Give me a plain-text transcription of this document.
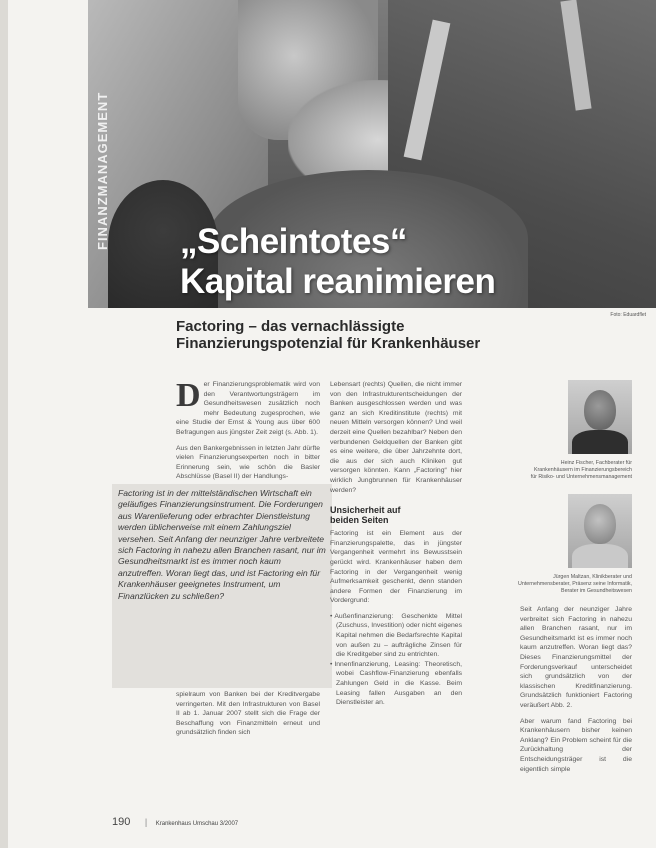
„Scheintotes“
Kapital reanimieren
FINANZMANAGEMENT
Foto: Eduardflet
Factoring – das vernachlässigte
Finanzierungspotenzial für Krankenhäuser

Der Finanzierungsproblematik wird von den Verantwortungsträgern im Gesundheitswesen zusätzlich noch mehr Bedeutung zugesprochen, wie eine Studie der Ernst & Young aus über 600 Befragungen aus jüngster Zeit zeigt (s. Abb. 1).

Aus den Bankergebnissen in letzten Jahr dürfte vielen Finanzierungsexperten noch in bitter Erinnerung sein, wie schön die Basler Abschlüsse (Basel II) der Handlungs-

Factoring ist in der mittelständischen Wirtschaft ein geläufiges Finanzierungsinstrument. Die Forderungen aus Warenlieferung oder erbrachter Dienstleistung werden üblicherweise mit einem Zahlungsziel versehen. Seit Anfang der neunziger Jahre verbreitete sich Factoring in nahezu allen Branchen rasant, nur im Gesundheitsmarkt ist es immer noch kaum anzutreffen. Woran liegt das, und ist Factoring ein für Krankenhäuser geeignetes Instrument, um Finanzlücken zu schließen?

spielraum von Banken bei der Kreditvergabe verringerten. Mit den Infrastrukturen von Basel II ab 1. Januar 2007 stellt sich die Frage der Beschaffung von Finanzmitteln erneut und grundsätzlich finden sich

Lebensart (rechts) Quellen, die nicht immer von den Infrastrukturentscheidungen der Banken ausgeschlossen werden und was ganz an sich Kreditinstitute (rechts) mit neuen Mitteln versorgen können? Und weil derzeit eine Quellen bezahlbar? Neben den verbundenen Geldquellen der Banken gibt es eine weitere, die über Jahrzehnte dort, die aus der sich auch Kliniken gut versorgen könnten. Kann „Factoring“ hier wirklich Jungbrunnen für Krankenhäuser werden?

Unsicherheit auf
beiden Seiten

Factoring ist ein Element aus der Finanzierungspalette, das in jüngster Vergangenheit vermehrt ins Bewusstsein gerückt wird. Krankenhäuser haben dem Factoring in der Vergangenheit wenig Aufmerksamkeit geschenkt, denn standen andere Formen der Finanzierung im Vordergrund:

• Außenfinanzierung: Geschenkte Mittel (Zuschuss, Investition) oder nicht eigenes Kapital nehmen die Bedarfsrechte Kapital von außen zu – aufträgliche Zinsen für die Kreditgeber sind zu entrichten.
• Innenfinanzierung, Leasing: Theoretisch, wobei Cashflow-Finanzierung ebenfalls Zahlungen Geld in die Kasse. Beim Leasing fallen Ausgaben an den Dienstleister an.
Heinz Fischer, Fachberater für
Krankenhäusern im Finanzierungsbereich
für Risiko- und Unternehmensmanagement
Jürgen Maltzan, Klinikberater und
Unternehmensberater, Präsenz seine Informatik,
Berater im Gesundheitswesen

Seit Anfang der neunziger Jahre verbreitet sich Factoring in nahezu allen Branchen rasant, nur im Gesundheitsmarkt ist es immer noch kaum anzutreffen. Woran liegt das? Dieses Finanzierungsmittel der Forderungsverkauf unterscheidet sich grundsätzlich von der klassischen Kreditfinanzierung. Grundsätzlich funktioniert Factoring veräußert Abb. 2.

Aber warum fand Factoring bei Krankenhäusern bisher keinen Anklang? Ein Problem scheint für die Zurückhaltung der Entscheidungsträger ist die eigentlich simple

190 | Krankenhaus Umschau 3/2007
